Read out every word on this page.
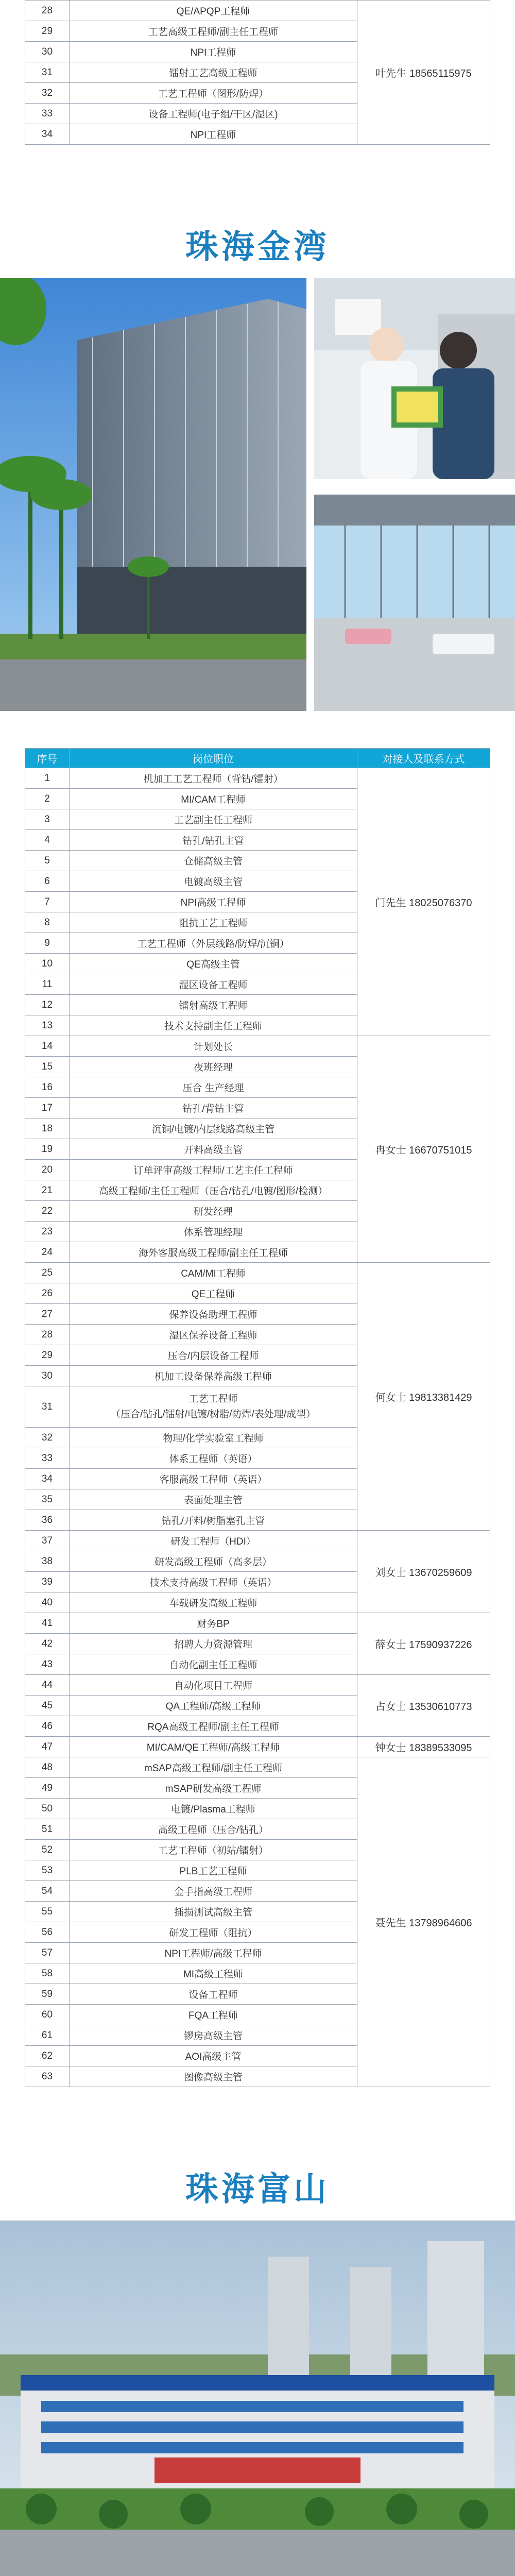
28	QE/APQP工程师	叶先生 18565115975
29	工艺高级工程师/副主任工程师	
30	NPI工程师	
31	镭射工艺高级工程师	
32	工艺工程师（图形/防焊）	
33	设备工程师(电子组/干区/湿区)	
34	NPI工程师	
珠海金湾
序号	岗位职位	对接人及联系方式
1	机加工工艺工程师（背钻/镭射）	门先生 18025076370
2	MI/CAM工程师	
3	工艺副主任工程师	
4	钻孔/钻孔主管	
5	仓储高级主管	
6	电镀高级主管	
7	NPI高级工程师	
8	阻抗工艺工程师	
9	工艺工程师（外层线路/防焊/沉铜）	
10	QE高级主管	
11	湿区设备工程师	
12	镭射高级工程师	
13	技术支持副主任工程师	
14	计划处长	冉女士 16670751015
15	夜班经理	
16	压合 生产经理	
17	钻孔/背钻主管	
18	沉铜/电镀/内层线路高级主管	
19	开料高级主管	
20	订单评审高级工程师/工艺主任工程师	
21	高级工程师/主任工程师（压合/钻孔/电镀/图形/检测）	
22	研发经理	
23	体系管理经理	
24	海外客服高级工程师/副主任工程师	
25	CAM/MI工程师	何女士 19813381429
26	QE工程师	
27	保养设备助理工程师	
28	湿区保养设备工程师	
29	压合/内层设备工程师	
30	机加工设备保养高级工程师	
31	工艺工程师
（压合/钻孔/镭射/电镀/树脂/防焊/表处理/成型）	
32	物理/化学实验室工程师	
33	体系工程师（英语）	
34	客服高级工程师（英语）	
35	表面处理主管	
36	钻孔/开料/树脂塞孔主管	
37	研发工程师（HDI）	刘女士 13670259609
38	研发高级工程师（高多层）	
39	技术支持高级工程师（英语）	
40	车载研发高级工程师	
41	财务BP	薛女士 17590937226
42	招聘人力资源管理	
43	自动化副主任工程师	
44	自动化项目工程师	占女士 13530610773
45	QA工程师/高级工程师	
46	RQA高级工程师/副主任工程师	
47	MI/CAM/QE工程师/高级工程师	钟女士 18389533095
48	mSAP高级工程师/副主任工程师	聂先生 13798964606
49	mSAP研发高级工程师	
50	电镀/Plasma工程师	
51	高级工程师（压合/钻孔）	
52	工艺工程师（初站/镭射）	
53	PLB工艺工程师	
54	金手指高级工程师	
55	插损测试高级主管	
56	研发工程师（阻抗）	
57	NPI工程师/高级工程师	
58	MI高级工程师	
59	设备工程师	
60	FQA工程师	
61	锣房高级主管	
62	AOI高级主管	
63	图像高级主管	
珠海富山
